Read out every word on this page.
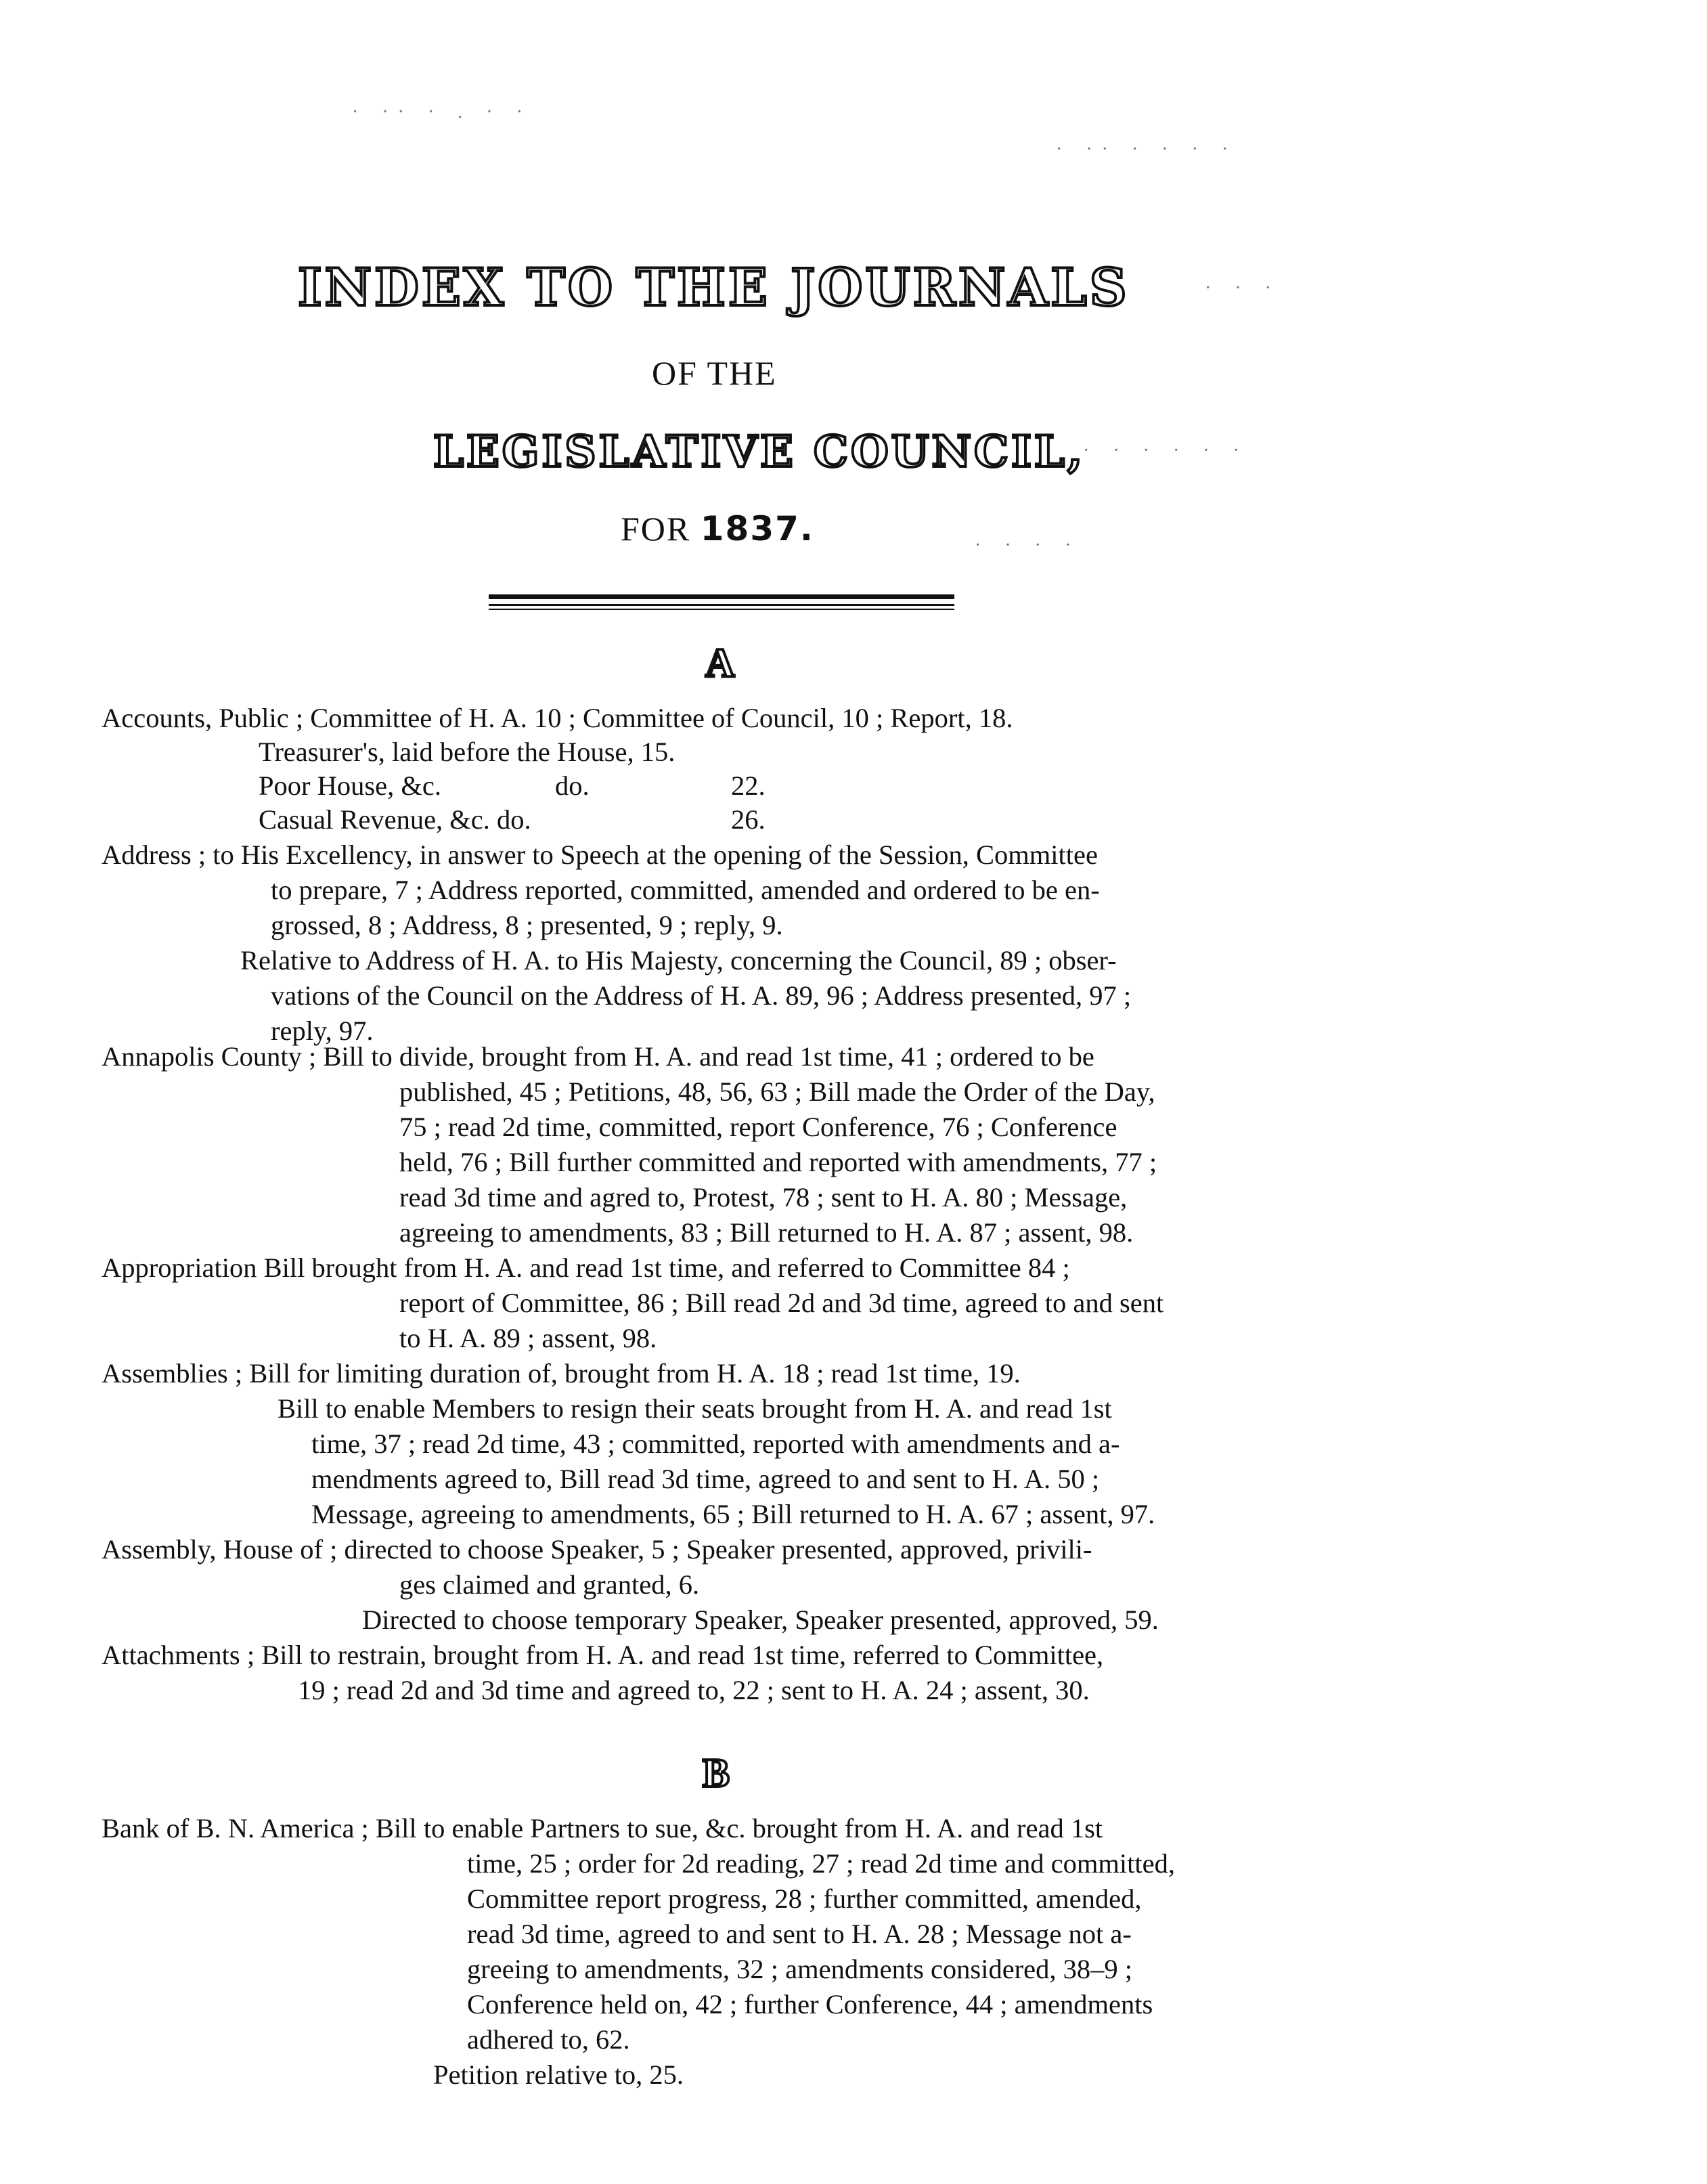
· ·· · . · ·
· ·· · · · ·
· · ·
· · · · · ·
· · · ·
INDEX TO THE JOURNALS
OF THE
LEGISLATIVE COUNCIL,
FOR 1837.
A
Accounts, Public ; Committee of H. A. 10 ; Committee of Council, 10 ; Report, 18.
Treasurer's, laid before the House, 15.
Poor House, &c.	do.	22.
Casual Revenue, &c. do.	26.
Address ; to His Excellency, in answer to Speech at the opening of the Session, Committee
to prepare, 7 ; Address reported, committed, amended and ordered to be en-
grossed, 8 ; Address, 8 ; presented, 9 ; reply, 9.
Relative to Address of H. A. to His Majesty, concerning the Council, 89 ; obser-
vations of the Council on the Address of H. A. 89, 96 ; Address presented, 97 ;
reply, 97.
Annapolis County ; Bill to divide, brought from H. A. and read 1st time, 41 ; ordered to be
published, 45 ; Petitions, 48, 56, 63 ; Bill made the Order of the Day,
75 ; read 2d time, committed, report Conference, 76 ; Conference
held, 76 ; Bill further committed and reported with amendments, 77 ;
read 3d time and agred to, Protest, 78 ; sent to H. A. 80 ; Message,
agreeing to amendments, 83 ; Bill returned to H. A. 87 ; assent, 98.
Appropriation Bill brought from H. A. and read 1st time, and referred to Committee 84 ;
report of Committee, 86 ; Bill read 2d and 3d time, agreed to and sent
to H. A. 89 ; assent, 98.
Assemblies ; Bill for limiting duration of, brought from H. A. 18 ; read 1st time, 19.
Bill to enable Members to resign their seats brought from H. A. and read 1st
time, 37 ; read 2d time, 43 ; committed, reported with amendments and a-
mendments agreed to, Bill read 3d time, agreed to and sent to H. A. 50 ;
Message, agreeing to amendments, 65 ; Bill returned to H. A. 67 ; assent, 97.
Assembly, House of ; directed to choose Speaker, 5 ; Speaker presented, approved, privili-
ges claimed and granted, 6.
Directed to choose temporary Speaker, Speaker presented, approved, 59.
Attachments ; Bill to restrain, brought from H. A. and read 1st time, referred to Committee,
19 ; read 2d and 3d time and agreed to, 22 ; sent to H. A. 24 ; assent, 30.
B
Bank of B. N. America ; Bill to enable Partners to sue, &c. brought from H. A. and read 1st
time, 25 ; order for 2d reading, 27 ; read 2d time and committed,
Committee report progress, 28 ; further committed, amended,
read 3d time, agreed to and sent to H. A. 28 ; Message not a-
greeing to amendments, 32 ; amendments considered, 38–9 ;
Conference held on, 42 ; further Conference, 44 ; amendments
adhered to, 62.
Petition relative to, 25.
